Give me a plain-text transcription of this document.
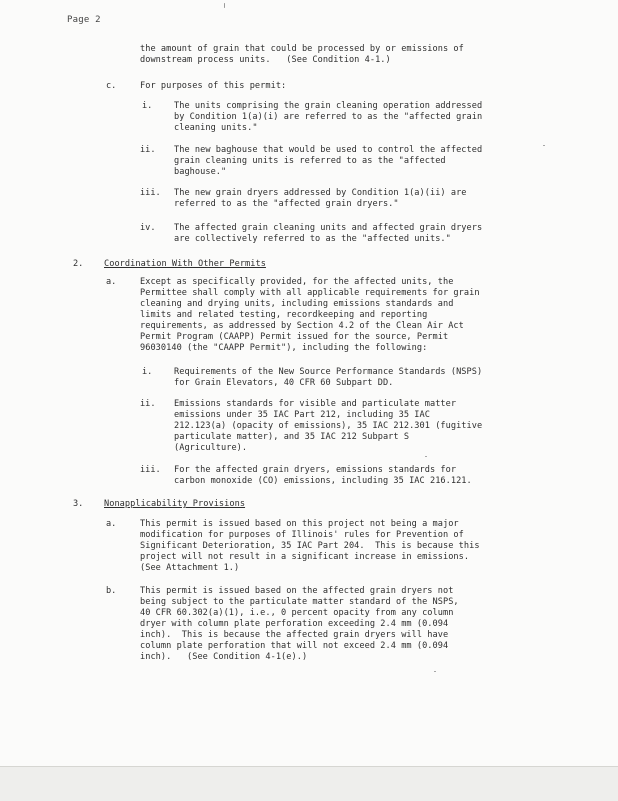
Page 2
the amount of grain that could be processed by or emissions of
downstream process units.   (See Condition 4-1.)
c.	For purposes of this permit:
i.	The units comprising the grain cleaning operation addressed
by Condition 1(a)(i) are referred to as the "affected grain
cleaning units."
ii. The new baghouse that would be used to control the affected
grain cleaning units is referred to as the "affected
baghouse."
iii. The new grain dryers addressed by Condition 1(a)(ii) are
referred to as the "affected grain dryers."
iv. The affected grain cleaning units and affected grain dryers
are collectively referred to as the "affected units."
2. Coordination With Other Permits
a.	Except as specifically provided, for the affected units, the
Permittee shall comply with all applicable requirements for grain
cleaning and drying units, including emissions standards and
limits and related testing, recordkeeping and reporting
requirements, as addressed by Section 4.2 of the Clean Air Act
Permit Program (CAAPP) Permit issued for the source, Permit
96030140 (the "CAAPP Permit"), including the following:
i.	Requirements of the New Source Performance Standards (NSPS)
for Grain Elevators, 40 CFR 60 Subpart DD.
ii. Emissions standards for visible and particulate matter
emissions under 35 IAC Part 212, including 35 IAC
212.123(a) (opacity of emissions), 35 IAC 212.301 (fugitive
particulate matter), and 35 IAC 212 Subpart S
(Agriculture).
iii. For the affected grain dryers, emissions standards for
carbon monoxide (CO) emissions, including 35 IAC 216.121.
3. Nonapplicability Provisions
a.	This permit is issued based on this project not being a major
modification for purposes of Illinois' rules for Prevention of
Significant Deterioration, 35 IAC Part 204.  This is because this
project will not result in a significant increase in emissions.
(See Attachment 1.)
b.	This permit is issued based on the affected grain dryers not
being subject to the particulate matter standard of the NSPS,
40 CFR 60.302(a)(1), i.e., 0 percent opacity from any column
dryer with column plate perforation exceeding 2.4 mm (0.094
inch).  This is because the affected grain dryers will have
column plate perforation that will not exceed 2.4 mm (0.094
inch).   (See Condition 4-1(e).)
